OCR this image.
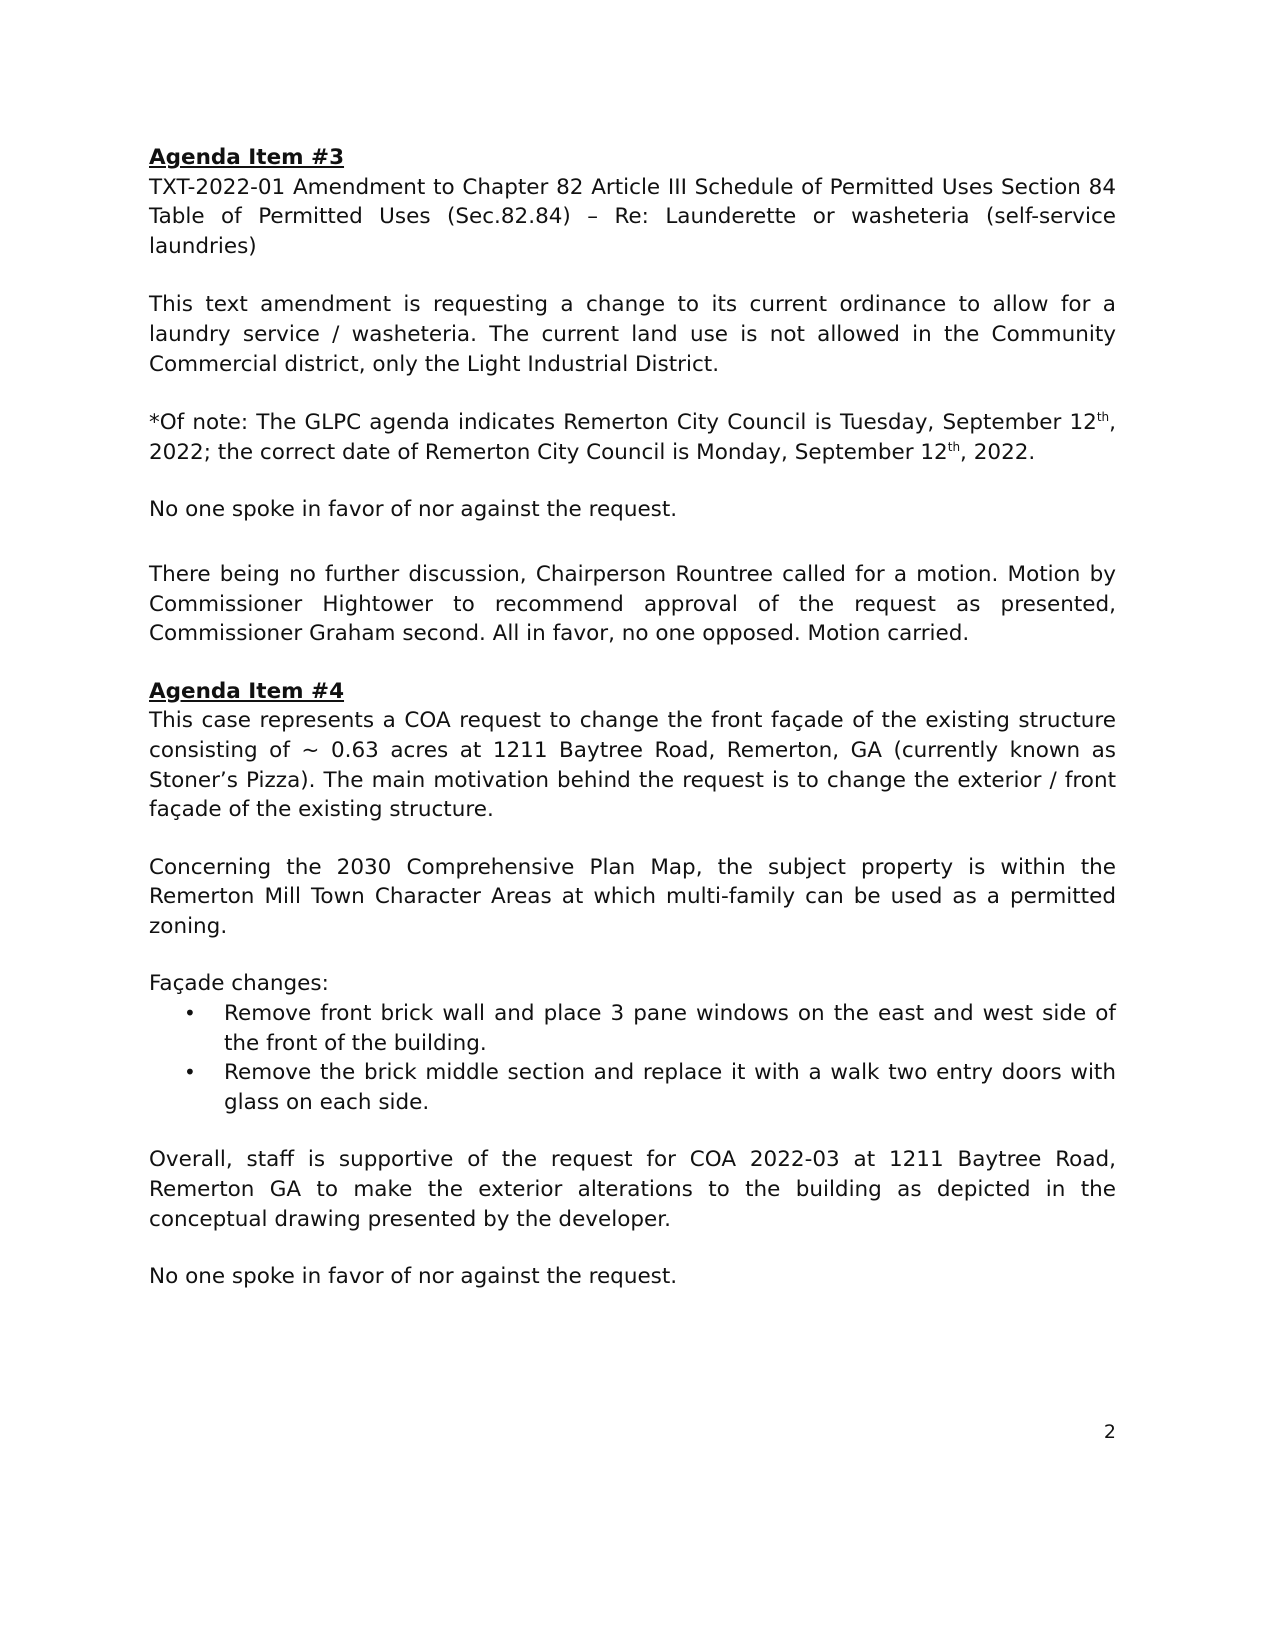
Agenda Item #3

TXT-2022-01 Amendment to Chapter 82 Article III Schedule of Permitted Uses Section 84 Table of Permitted Uses (Sec.82.84) – Re: Launderette or washeteria (self-service laundries)

This text amendment is requesting a change to its current ordinance to allow for a laundry service / washeteria. The current land use is not allowed in the Community Commercial district, only the Light Industrial District.

*Of note: The GLPC agenda indicates Remerton City Council is Tuesday, September 12th, 2022; the correct date of Remerton City Council is Monday, September 12th, 2022.

No one spoke in favor of nor against the request.

There being no further discussion, Chairperson Rountree called for a motion. Motion by Commissioner Hightower to recommend approval of the request as presented, Commissioner Graham second. All in favor, no one opposed. Motion carried.

Agenda Item #4

This case represents a COA request to change the front façade of the existing structure consisting of ~ 0.63 acres at 1211 Baytree Road, Remerton, GA (currently known as Stoner’s Pizza). The main motivation behind the request is to change the exterior / front façade of the existing structure.

Concerning the 2030 Comprehensive Plan Map, the subject property is within the Remerton Mill Town Character Areas at which multi-family can be used as a permitted zoning.

Façade changes:

• Remove front brick wall and place 3 pane windows on the east and west side of the front of the building.
• Remove the brick middle section and replace it with a walk two entry doors with glass on each side.

Overall, staff is supportive of the request for COA 2022-03 at 1211 Baytree Road, Remerton GA to make the exterior alterations to the building as depicted in the conceptual drawing presented by the developer.

No one spoke in favor of nor against the request.

2
